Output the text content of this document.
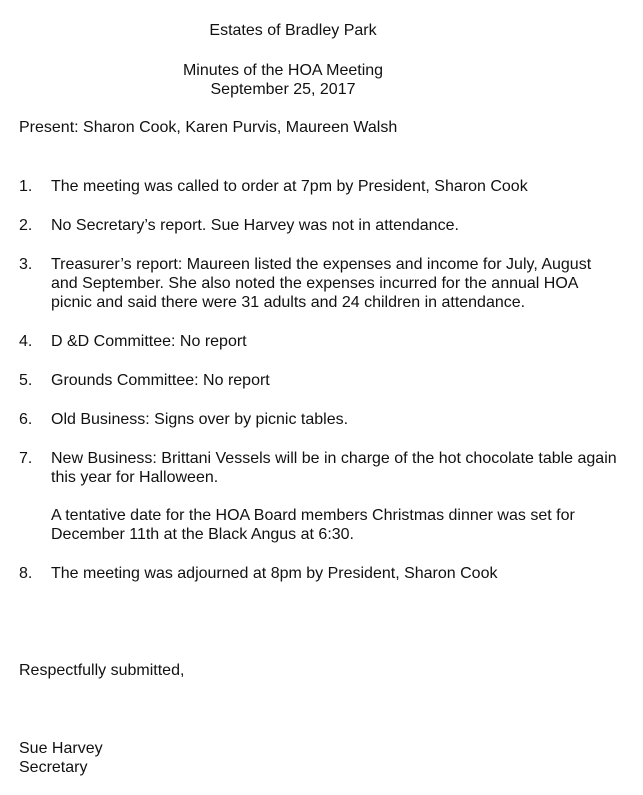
Estates of Bradley Park
Minutes of the HOA Meeting
September 25, 2017
Present: Sharon Cook, Karen Purvis, Maureen Walsh
1. The meeting was called to order at 7pm by President, Sharon Cook

2. No Secretary’s report. Sue Harvey was not in attendance.

3. Treasurer’s report: Maureen listed the expenses and income for July, August and September. She also noted the expenses incurred for the annual HOA picnic and said there were 31 adults and 24 children in attendance.

4. D &D Committee: No report

5. Grounds Committee: No report

6. Old Business: Signs over by picnic tables.

7. New Business: Brittani Vessels will be in charge of the hot chocolate table again this year for Halloween.

A tentative date for the HOA Board members Christmas dinner was set for December 11th at the Black Angus at 6:30.

8. The meeting was adjourned at 8pm by President, Sharon Cook

Respectfully submitted,
Sue Harvey
Secretary
